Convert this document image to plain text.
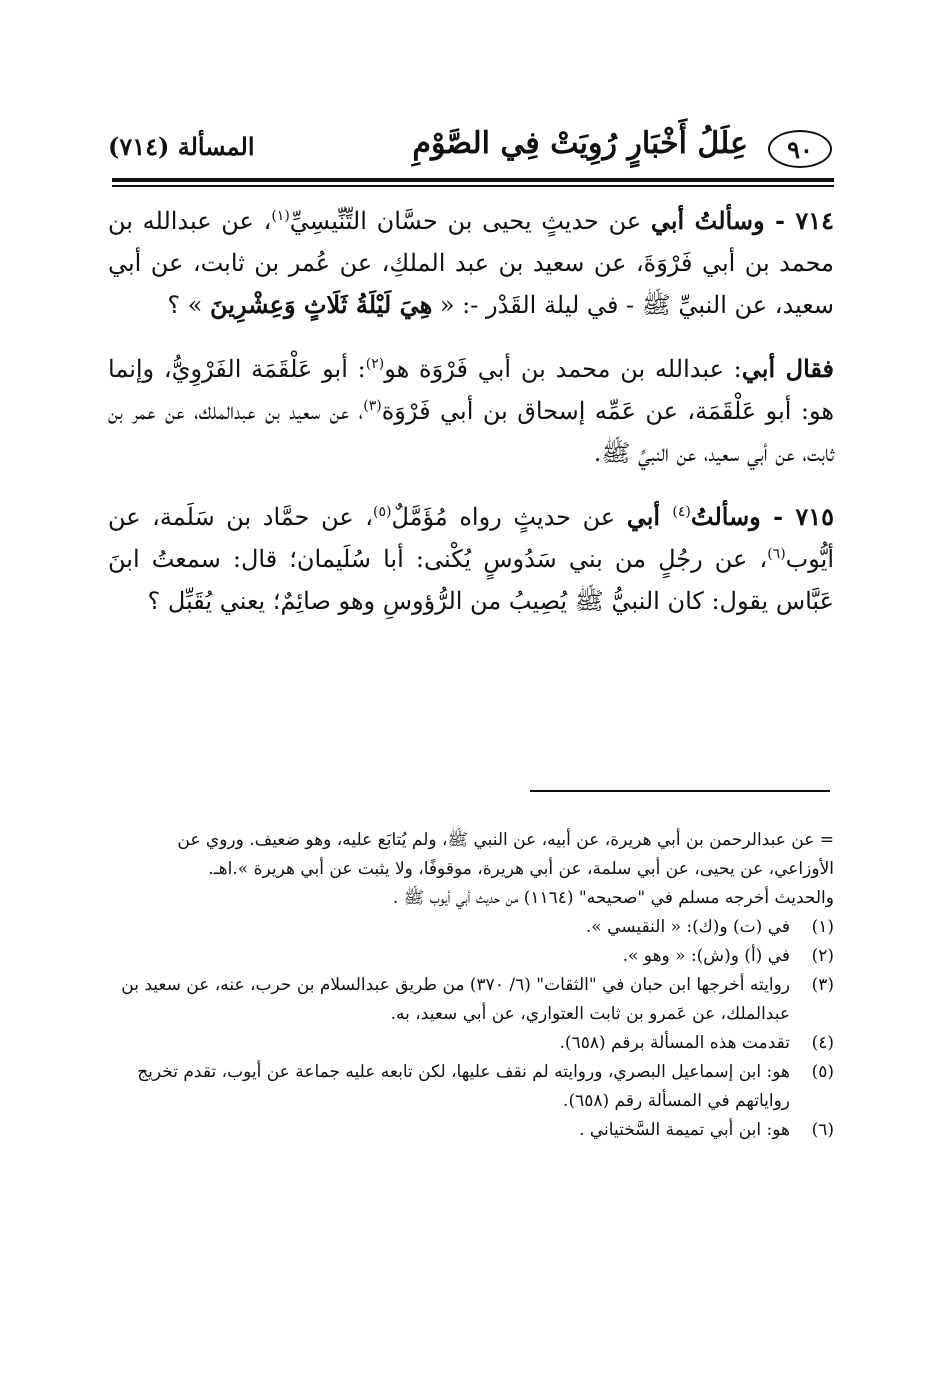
٩٠
عِلَلُ أَخْبَارٍ رُوِيَتْ فِي الصَّوْمِ
المسألة (٧١٤)

٧١٤ - وسألتُ أبي عن حديثٍ يحيى بن حسَّان التِّنِّيسِيِّ$^{(١)}$، عن عبدالله بن محمد بن أبي فَرْوَةَ، عن سعيد بن عبد الملكِ، عن عُمر بن ثابت، عن أبي سعيد، عن النبيِّ ﷺ - في ليلة القَدْر -: « هِيَ لَيْلَةُ ثَلَاثٍ وَعِشْرِينَ » ؟

فقال أبي: عبدالله بن محمد بن أبي فَرْوَة هو$^{(٢)}$: أبو عَلْقَمَة الفَرْوِيُّ، وإنما هو: أبو عَلْقَمَة، عن عَمِّه إسحاق بن أبي فَرْوَة$^{(٣)}$، عن سعيد بن عبدالملك، عن عمر بن ثابت، عن أبي سعيد، عن النبيِّ ﷺ.

٧١٥ - وسألتُ$^{(٤)}$ أبي عن حديثٍ رواه مُؤَمَّلٌ$^{(٥)}$، عن حمَّاد بن سَلَمة، عن أيُّوب$^{(٦)}$، عن رجُلٍ من بني سَدُوسٍ يُكْنى: أبا سُلَيمان؛ قال: سمعتُ ابنَ عَبَّاس يقول: كان النبيُّ ﷺ يُصِيبُ من الرُّؤوسِ وهو صائِمٌ؛ يعني يُقَبِّل ؟

= عن عبدالرحمن بن أبي هريرة، عن أبيه، عن النبي ﷺ، ولم يُتابَع عليه، وهو ضعيف. وروي عن الأوزاعي، عن يحيى، عن أبي سلمة، عن أبي هريرة، موقوفًا، ولا يثبت عن أبي هريرة ».اهـ.

والحديث أخرجه مسلم في "صحيحه" (١١٦٤) من حديث أبي أيوب ﷺ .

(١)
في (ت) و(ك): « النقيسي ».
(٢)
في (أ) و(ش): « وهو ».
(٣)
روايته أخرجها ابن حبان في "الثقات" (٦/ ٣٧٠) من طريق عبدالسلام بن حرب، عنه، عن سعيد بن عبدالملك، عن عَمرو بن ثابت العتواري، عن أبي سعيد، به.
(٤)
تقدمت هذه المسألة برقم (٦٥٨).
(٥)
هو: ابن إسماعيل البصري، وروايته لم نقف عليها، لكن تابعه عليه جماعة عن أيوب، تقدم تخريج رواياتهم في المسألة رقم (٦٥٨).
(٦)
هو: ابن أبي تميمة السَّختياني .
